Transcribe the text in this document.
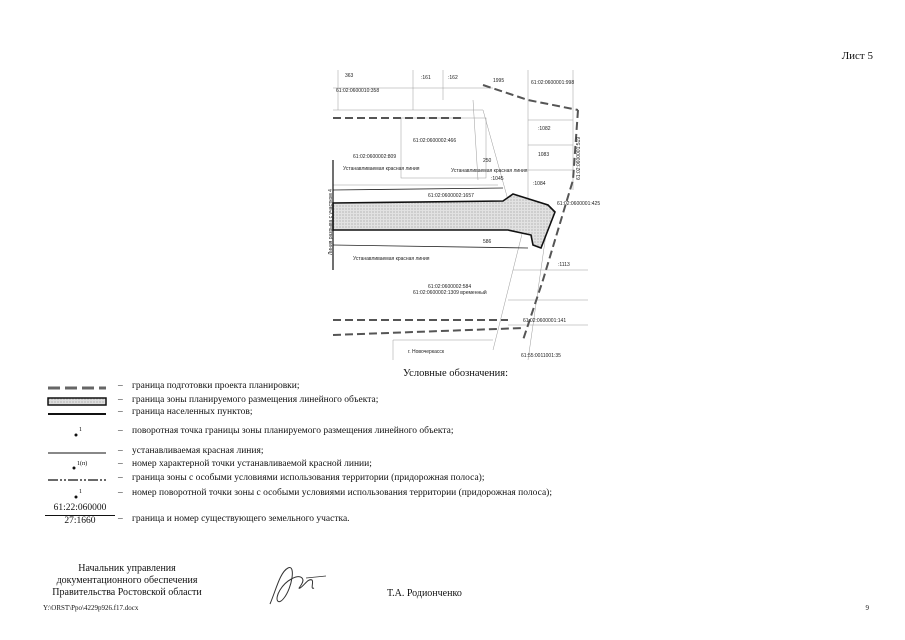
Лист 5
363	:161	:162	1995	61:02:0600001:998
61:02:0600010:358
61:02:0600002:466
61:02:0600002:809
250
1083
:1082
:1084
:1045
Устанавливаемая красная линия	Устанавливаемая красная линия
61:02:0600002:1657
61:02:0600001:425
Устанавливаемая красная линия
61:02:0600002:584
61:02:0600002:1309 временный
:1113
61:02:0600001:141
г. Новочеркасск
61:55:0011001:35
586
Линия разрыва с участком 4
61:02:0600001:519
Условные обозначения:
– граница подготовки проекта планировки;
– граница зоны планируемого размещения линейного объекта;
– граница населенных пунктов;
1	– поворотная точка границы зоны планируемого размещения линейного объекта;
– устанавливаемая красная линия;
1(п)	– номер характерной точки устанавливаемой красной линии;
– граница зоны с особыми условиями использования территории (придорожная полоса);
1	– номер поворотной точки зоны с особыми условиями использования территории (придорожная полоса);
– граница и номер существующего земельного участка.
61:22:060000
27:1660
Начальник управления
документационного обеспечения
Правительства Ростовской области	Т.А. Родионченко
Y:\ORST\Ppo\4229p926.f17.docx	9
